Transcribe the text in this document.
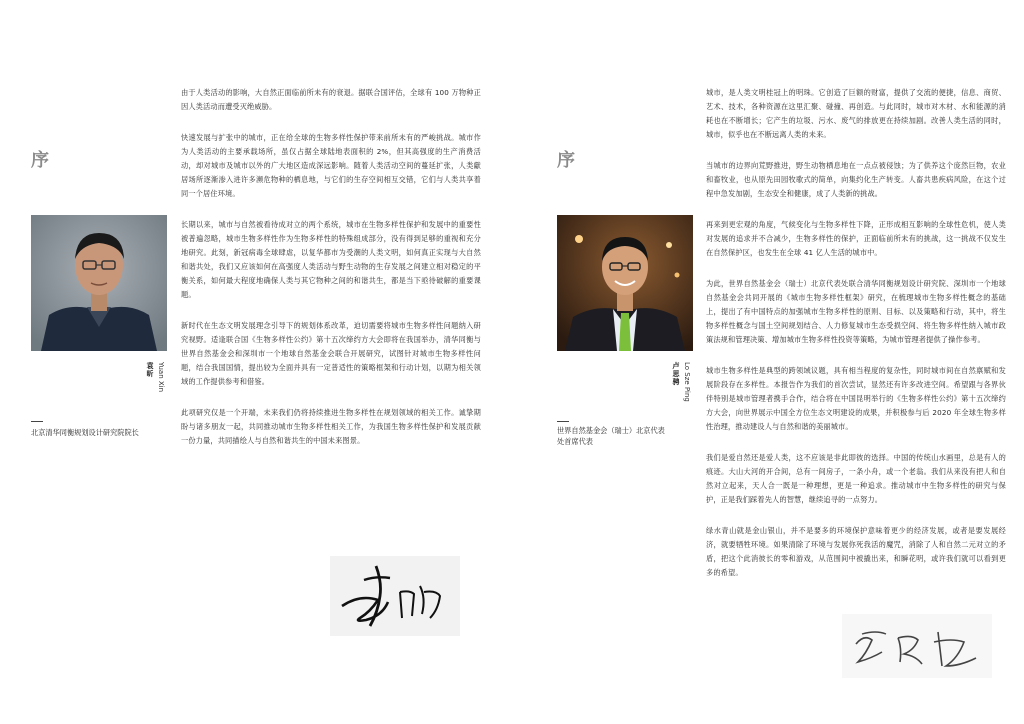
序
袁昕 Yuan Xin
北京清华同衡规划设计研究院院长

由于人类活动的影响，大自然正面临前所未有的衰退。据联合国评估，全球有 100 万物种正因人类活动而遭受灭绝威胁。

快速发展与扩张中的城市，正在给全球的生物多样性保护带来前所未有的严峻挑战。城市作为人类活动的主要承载场所，虽仅占据全球陆地表面积的 2%，但其高强度的生产消费活动，却对城市及城市以外的广大地区造成深远影响。随着人类活动空间的蔓延扩张，人类獻居场所逐渐渗入进许多濒危物种的栖息地，与它们的生存空间相互交错，它们与人类共享着同一个居住环境。

长期以来，城市与自然被看待成对立的两个系统，城市在生物多样性保护和发展中的重要性被普遍忽略，城市生物多样性作为生物多样性的特殊组成部分，没有得到足够的重视和充分地研究。此刻，新冠病毒全球肆虐，以复华都市为受潮的人类文明，如何真正实现与大自然和谐共处，我们又应该如何在高强度人类活动与野生动物的生存发展之间建立相对稳定的平衡关系，如何最大程度地确保人类与其它物种之间的和谐共生，都是当下亟待破解的重要课题。

新时代在生态文明发展理念引导下的规划体系改革，迫切需要将城市生物多样性问题纳入研究视野。适逢联合国《生物多样性公约》第十五次缔约方大会即将在我国举办，清华同衡与世界自然基金会和深圳市一个地球自然基金会联合开展研究，试图针对城市生物多样性问题，结合我国国情，提出较为全面并具有一定普适性的策略框架和行动计划，以期为相关领域的工作提供参考和借鉴。

此项研究仅是一个开端，未来我们仍将持续推进生物多样性在规划领域的相关工作。诚挚期盼与诸多朋友一起，共同推动城市生物多样性相关工作，为我国生物多样性保护和发展贡献一份力量，共同描绘人与自然和谐共生的中国未来图景。

序
卢思骋 Lo Sze Ping
世界自然基金会（瑞士）北京代表处首席代表

城市，是人类文明桂冠上的明珠。它创造了巨额的财富，提供了交流的便捷，信息、商贸、艺术、技术，各种资源在这里汇聚、碰撞、再创造。与此同时，城市对木材、水和能源的消耗也在不断增长；它产生的垃圾、污水、废气的排放更在持续加剧。改善人类生活的同时，城市，似乎也在不断远离人类的未来。

当城市的边界向荒野推进，野生动物栖息地在一点点被侵蚀；为了供养这个庞然巨物，农业和畜牧业，也从原先田园牧歌式的简单，向集约化生产转变。人畜共患疾病风险，在这个过程中急发加剧，生态安全和健康，成了人类新的挑战。

再来到更宏观的角度，气候变化与生物多样性下降，正形成相互影响的全球性危机，使人类对发展的追求并不合减少，生物多样性的保护，正面临前所未有的挑战，这一挑战不仅发生在自然保护区，也发生在全球 41 亿人生活的城市中。

为此，世界自然基金会（瑞士）北京代表处联合清华同衡规划设计研究院、深圳市一个地球自然基金会共同开展的《城市生物多样性框架》研究，在梳理城市生物多样性概念的基础上，提出了有中国特点的加强城市生物多样性的原则、目标、以及策略和行动，其中，将生物多样性概念与国土空间规划结合、人力修复城市生态受损空间、将生物多样性纳入城市政策法规和管理决策、增加城市生物多样性投资等策略，为城市管理者提供了操作参考。

城市生物多样性是典型的跨领域议题，具有相当程度的复杂性，同时城市间在自然禀赋和发展阶段存在多样性。本报告作为我们的首次尝试，显然还有许多改进空间。希望跟与各界伙伴特别是城市管理者携手合作，结合将在中国昆明举行的《生物多样性公约》第十五次缔约方大会，向世界展示中国全方位生态文明建设的成果，并积极参与后 2020 年全球生物多样性治理，推动建设人与自然和谐的美丽城市。

我们是爱自然还是爱人类，这不应该是非此即彼的选择。中国的传统山水画里，总是有人的痕迹。大山大河的开合间，总有一间房子，一条小舟，或一个老翁。我们从来没有把人和自然对立起来，天人合一既是一种理想，更是一种追求。推动城市中生物多样性的研究与保护，正是我们踩着先人的智慧，继续追寻的一点努力。

绿水青山就是金山银山，并不是要多的环境保护意味着更少的经济发展，或者是要发展经济，就要牺牲环境。如果清除了环境与发展你死我活的魔咒，消除了人和自然二元对立的矛盾，把这个此消彼长的零和游戏，从范围间中被撬出来，和瞬花明，或许我们就可以看到更多的希望。
